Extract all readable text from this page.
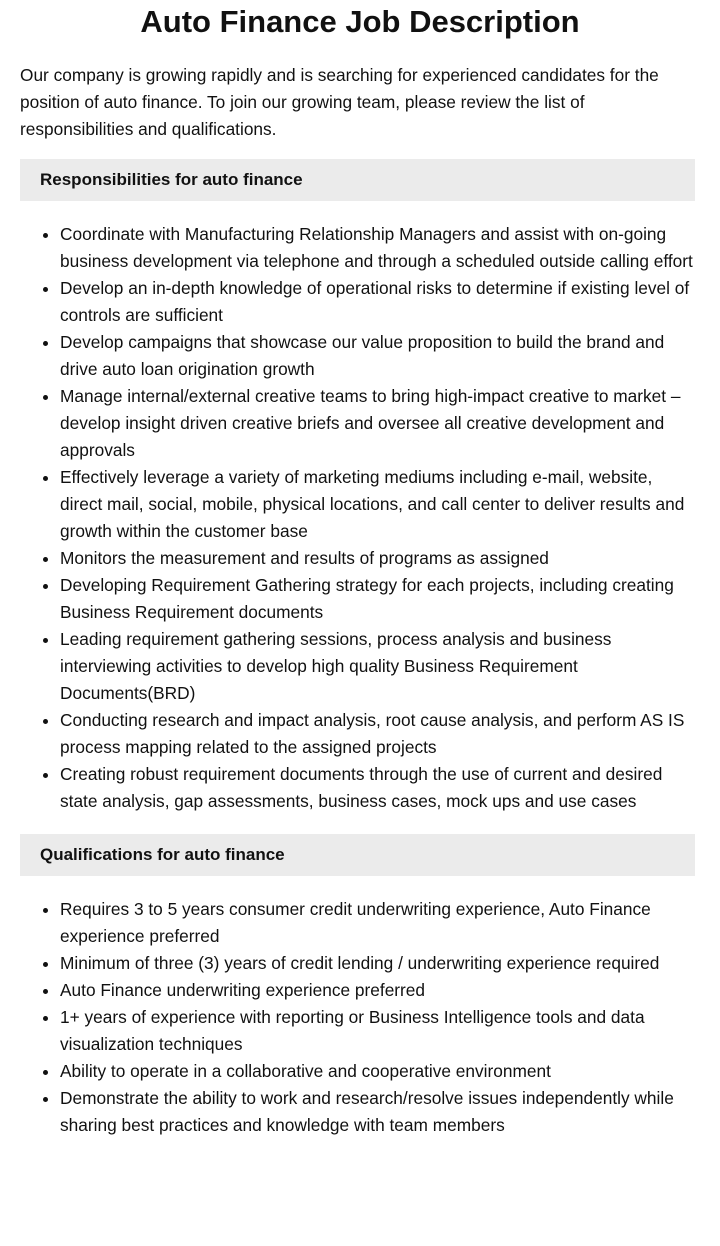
Auto Finance Job Description

Our company is growing rapidly and is searching for experienced candidates for the position of auto finance. To join our growing team, please review the list of responsibilities and qualifications.

Responsibilities for auto finance
• Coordinate with Manufacturing Relationship Managers and assist with on-going business development via telephone and through a scheduled outside calling effort
• Develop an in-depth knowledge of operational risks to determine if existing level of controls are sufficient
• Develop campaigns that showcase our value proposition to build the brand and drive auto loan origination growth
• Manage internal/external creative teams to bring high-impact creative to market – develop insight driven creative briefs and oversee all creative development and approvals
• Effectively leverage a variety of marketing mediums including e-mail, website, direct mail, social, mobile, physical locations, and call center to deliver results and growth within the customer base
• Monitors the measurement and results of programs as assigned
• Developing Requirement Gathering strategy for each projects, including creating Business Requirement documents
• Leading requirement gathering sessions, process analysis and business interviewing activities to develop high quality Business Requirement Documents(BRD)
• Conducting research and impact analysis, root cause analysis, and perform AS IS process mapping related to the assigned projects
• Creating robust requirement documents through the use of current and desired state analysis, gap assessments, business cases, mock ups and use cases
Qualifications for auto finance
• Requires 3 to 5 years consumer credit underwriting experience, Auto Finance experience preferred
• Minimum of three (3) years of credit lending / underwriting experience required
• Auto Finance underwriting experience preferred
• 1+ years of experience with reporting or Business Intelligence tools and data visualization techniques
• Ability to operate in a collaborative and cooperative environment
• Demonstrate the ability to work and research/resolve issues independently while sharing best practices and knowledge with team members
